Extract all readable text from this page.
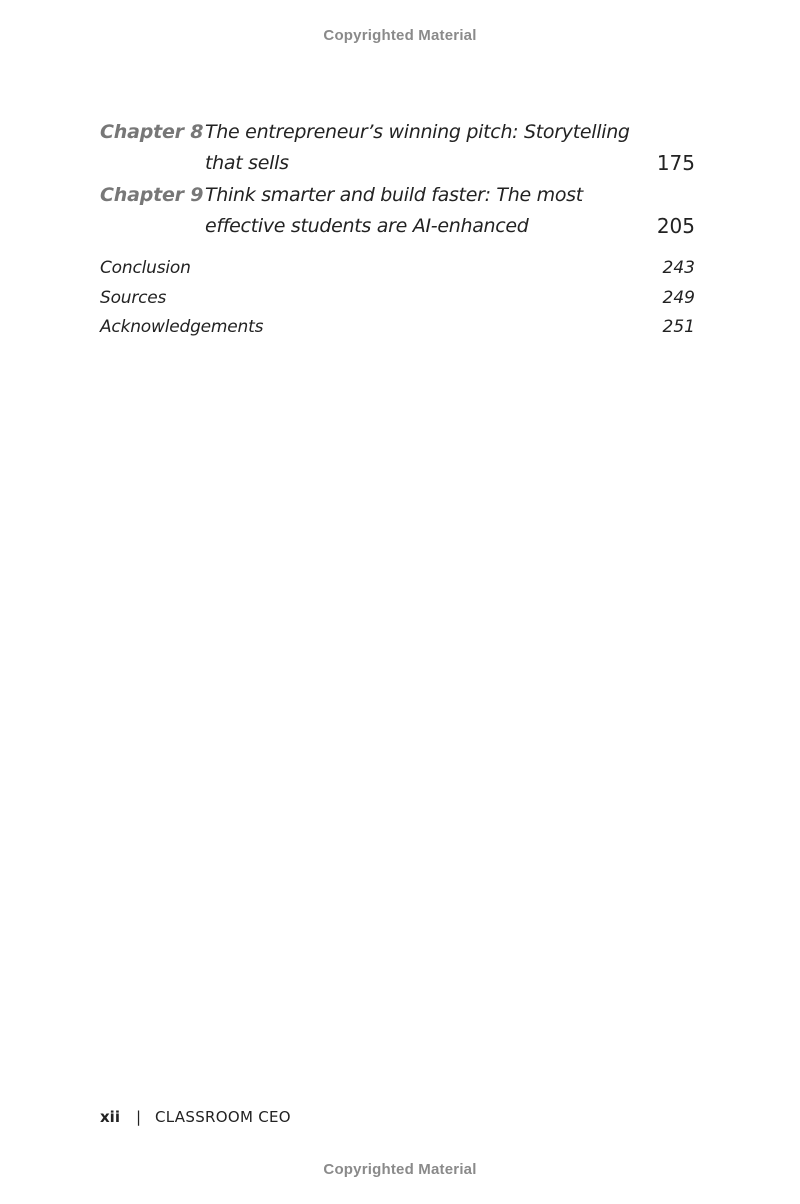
Copyrighted Material
Chapter 8 The entrepreneur’s winning pitch: Storytelling
that sells	175
Chapter 9 Think smarter and build faster: The most
effective students are AI-enhanced	205
Conclusion	243
Sources	249
Acknowledgements	251
xii | CLASSROOM CEO
Copyrighted Material
